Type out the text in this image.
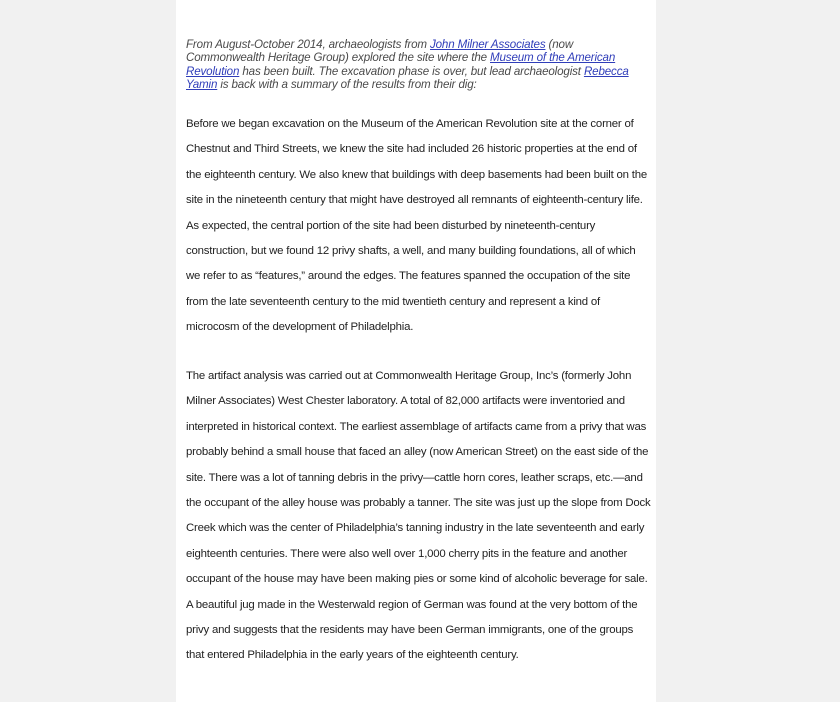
From August-October 2014, archaeologists from John Milner Associates (now
Commonwealth Heritage Group) explored the site where the Museum of the American
Revolution has been built. The excavation phase is over, but lead archaeologist Rebecca
Yamin is back with a summary of the results from their dig:
Before we began excavation on the Museum of the American Revolution site at the corner of
Chestnut and Third Streets, we knew the site had included 26 historic properties at the end of
the eighteenth century. We also knew that buildings with deep basements had been built on the
site in the nineteenth century that might have destroyed all remnants of eighteenth-century life.
As expected, the central portion of the site had been disturbed by nineteenth-century
construction, but we found 12 privy shafts, a well, and many building foundations, all of which
we refer to as “features,” around the edges. The features spanned the occupation of the site
from the late seventeenth century to the mid twentieth century and represent a kind of
microcosm of the development of Philadelphia.
The artifact analysis was carried out at Commonwealth Heritage Group, Inc’s (formerly John
Milner Associates) West Chester laboratory. A total of 82,000 artifacts were inventoried and
interpreted in historical context. The earliest assemblage of artifacts came from a privy that was
probably behind a small house that faced an alley (now American Street) on the east side of the
site. There was a lot of tanning debris in the privy—cattle horn cores, leather scraps, etc.—and
the occupant of the alley house was probably a tanner. The site was just up the slope from Dock
Creek which was the center of Philadelphia’s tanning industry in the late seventeenth and early
eighteenth centuries. There were also well over 1,000 cherry pits in the feature and another
occupant of the house may have been making pies or some kind of alcoholic beverage for sale.
A beautiful jug made in the Westerwald region of German was found at the very bottom of the
privy and suggests that the residents may have been German immigrants, one of the groups
that entered Philadelphia in the early years of the eighteenth century.
